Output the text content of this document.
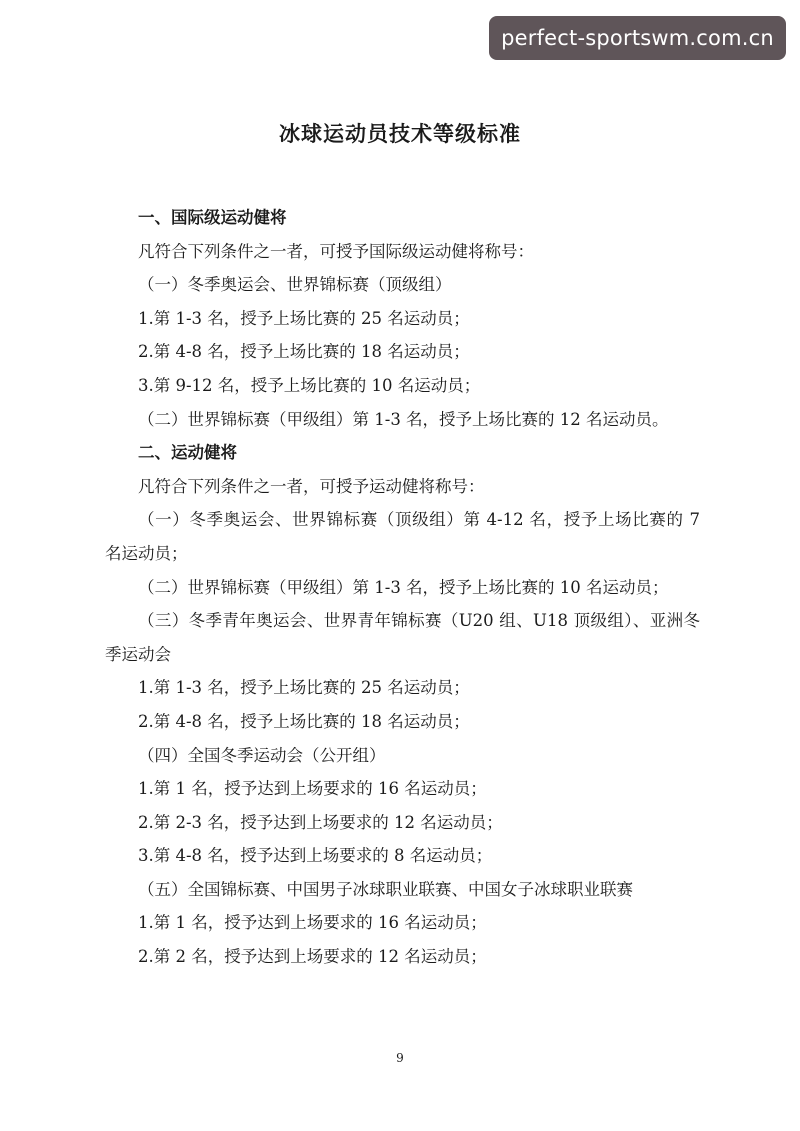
perfect-sportswm.com.cn
冰球运动员技术等级标准

一、国际级运动健将

凡符合下列条件之一者，可授予国际级运动健将称号：

（一）冬季奥运会、世界锦标赛（顶级组）

1.第 1-3 名，授予上场比赛的 25 名运动员；

2.第 4-8 名，授予上场比赛的 18 名运动员；

3.第 9-12 名，授予上场比赛的 10 名运动员；

（二）世界锦标赛（甲级组）第 1-3 名，授予上场比赛的 12 名运动员。

二、运动健将

凡符合下列条件之一者，可授予运动健将称号：

（一）冬季奥运会、世界锦标赛（顶级组）第 4-12 名，授予上场比赛的 7 名运动员；

（二）世界锦标赛（甲级组）第 1-3 名，授予上场比赛的 10 名运动员；

（三）冬季青年奥运会、世界青年锦标赛（U20 组、U18 顶级组）、亚洲冬季运动会

1.第 1-3 名，授予上场比赛的 25 名运动员；

2.第 4-8 名，授予上场比赛的 18 名运动员；

（四）全国冬季运动会（公开组）

1.第 1 名，授予达到上场要求的 16 名运动员；

2.第 2-3 名，授予达到上场要求的 12 名运动员；

3.第 4-8 名，授予达到上场要求的 8 名运动员；

（五）全国锦标赛、中国男子冰球职业联赛、中国女子冰球职业联赛

1.第 1 名，授予达到上场要求的 16 名运动员；

2.第 2 名，授予达到上场要求的 12 名运动员；

9
